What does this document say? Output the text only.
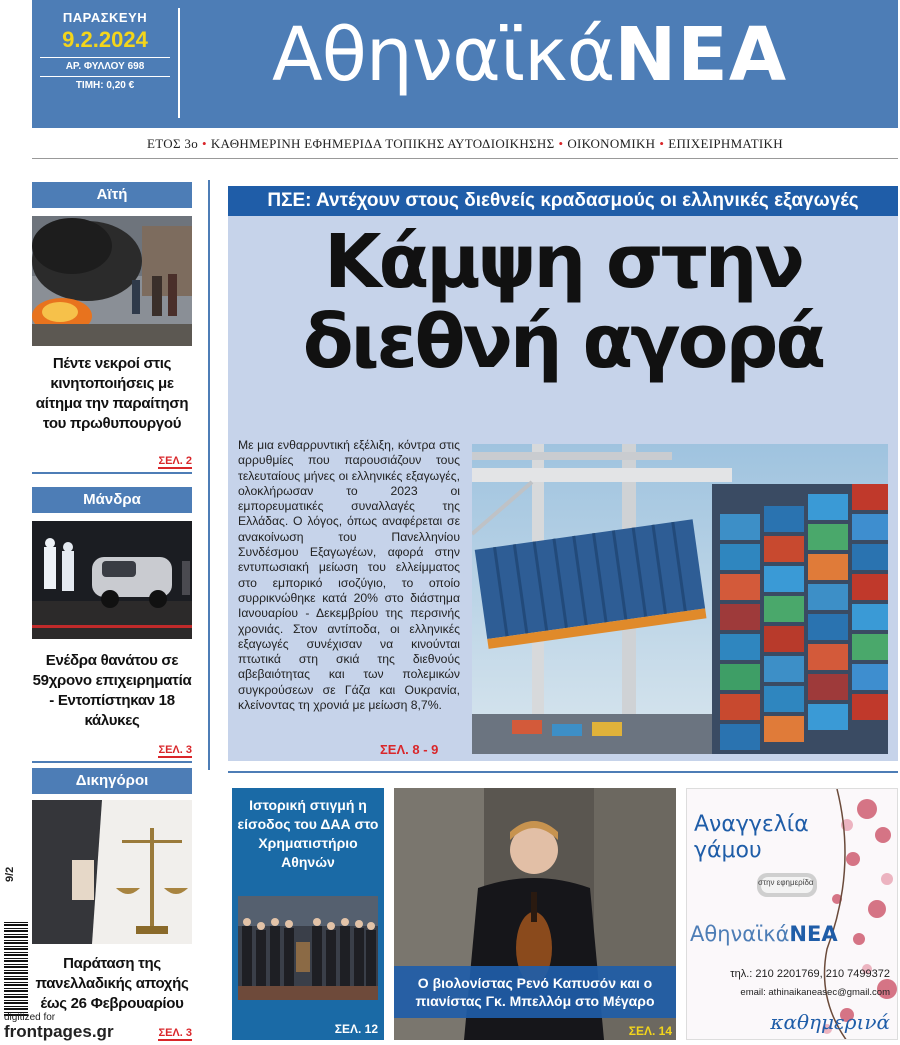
ΠΑΡΑΣΚΕΥΗ
9.2.2024
ΑΡ. ΦΥΛΛΟΥ 698
ΤΙΜΗ: 0,20 €	ΑθηναϊκάΝΕΑ
ΕΤΟΣ 3ο • ΚΑΘΗΜΕΡΙΝΗ ΕΦΗΜΕΡΙΔΑ ΤΟΠΙΚΗΣ ΑΥΤΟΔΙΟΙΚΗΣΗΣ • ΟΙΚΟΝΟΜΙΚΗ • ΕΠΙΧΕΙΡΗΜΑΤΙΚΗ
Αϊτή
Πέντε νεκροί στις κινητοποιήσεις με αίτημα την παραίτηση του πρωθυπουργού
ΣΕΛ. 2
Μάνδρα
Ενέδρα θανάτου σε 59χρονο επιχειρηματία - Εντοπίστηκαν 18 κάλυκες
ΣΕΛ. 3
Δικηγόροι
Παράταση της πανελλαδικής αποχής έως 26 Φεβρουαρίου
ΣΕΛ. 3
ΠΣΕ: Αντέχουν στους διεθνείς κραδασμούς οι ελληνικές εξαγωγές
Κάμψη στην
διεθνή αγορά
Με μια ενθαρρυντική εξέλιξη, κόντρα στις αρρυθμίες που παρουσιάζουν τους τελευταίους μήνες οι ελληνικές εξαγωγές, ολοκλήρωσαν το 2023 οι εμπορευματικές συναλλαγές της Ελλάδας. Ο λόγος, όπως αναφέρεται σε ανακοίνωση του Πανελληνίου Συνδέσμου Εξαγωγέων, αφορά στην εντυπωσιακή μείωση του ελλείμματος στο εμπορικό ισοζύγιο, το οποίο συρρικνώθηκε κατά 20% στο διάστημα Ιανουαρίου - Δεκεμβρίου της περσινής χρονιάς. Στον αντίποδα, οι ελληνικές εξαγωγές συνέχισαν να κινούνται πτωτικά στη σκιά της διεθνούς αβεβαιότητας και των πολεμικών συγκρούσεων σε Γάζα και Ουκρανία, κλείνοντας τη χρονιά με μείωση 8,7%.
ΣΕΛ. 8 - 9
Ιστορική στιγμή η είσοδος του ΔΑΑ στο Χρηματιστήριο Αθηνών
ΣΕΛ. 12
Ο βιολονίστας Ρενό Καπυσόν και ο πιανίστας Γκ. Μπελλόμ στο Μέγαρο
ΣΕΛ. 14
Αναγγελία
γάμου
στην εφημερίδα
ΑθηναϊκάΝΕΑ
τηλ.: 210 2201769, 210 7499372
email: athinaikaneasec@gmail.com
καθημερινά
9/2
digitized for
frontpages.gr
